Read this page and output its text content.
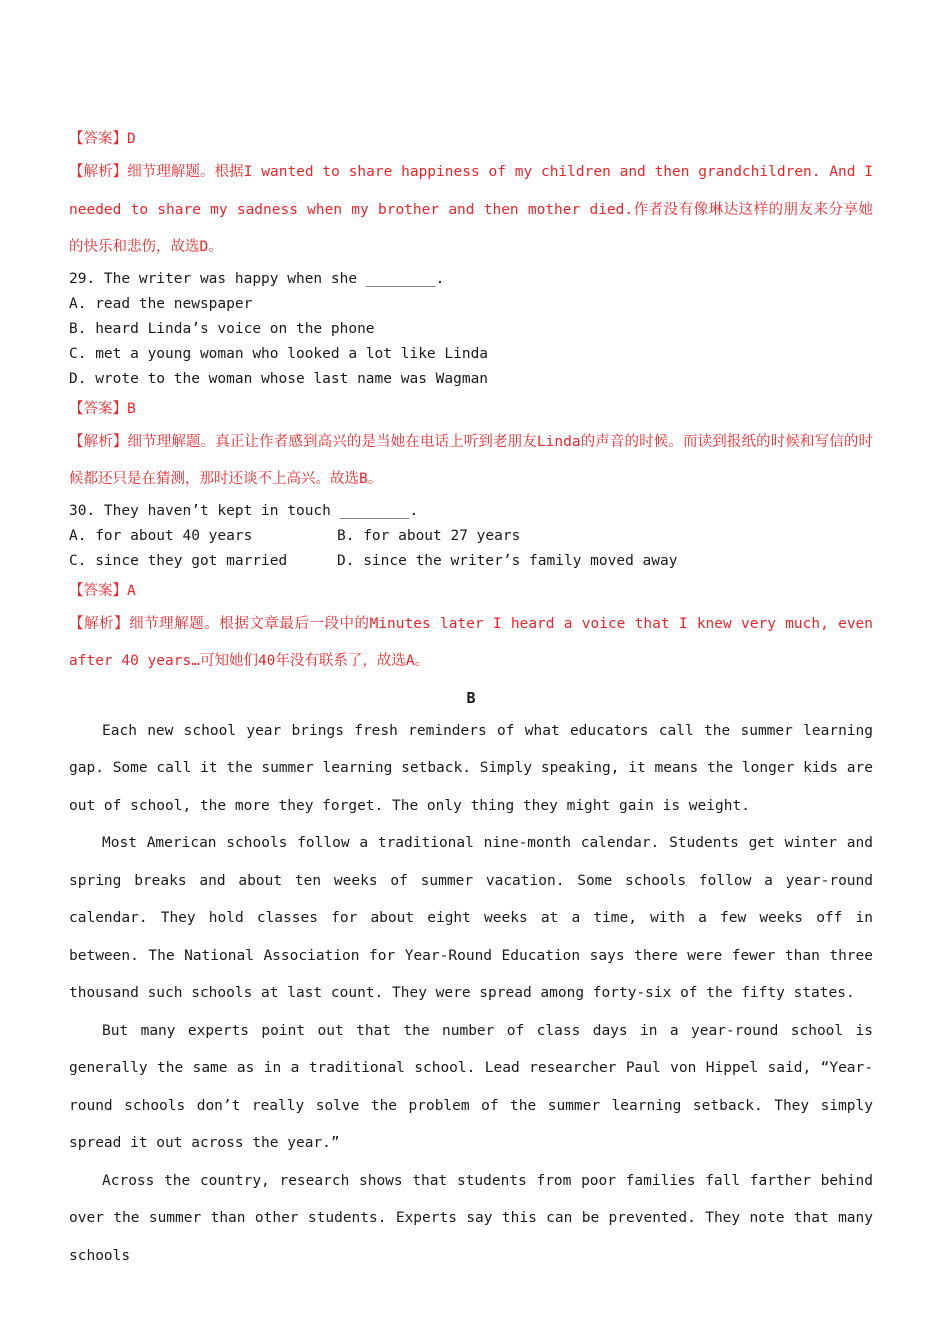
【答案】D
【解析】细节理解题。根据I wanted to share happiness of my children and then grandchildren. And I needed to share my sadness when my brother and then mother died.作者没有像琳达这样的朋友来分享她的快乐和悲伤，故选D。
29. The writer was happy when she ________.
A. read the newspaper
B. heard Linda’s voice on the phone
C. met a young woman who looked a lot like Linda
D. wrote to the woman whose last name was Wagman
【答案】B
【解析】细节理解题。真正让作者感到高兴的是当她在电话上听到老朋友Linda的声音的时候。而读到报纸的时候和写信的时候都还只是在猜测，那时还谈不上高兴。故选B。
30. They haven’t kept in touch ________.
A. for about 40 years	B. for about 27 years
C. since they got married	D. since the writer’s family moved away
【答案】A
【解析】细节理解题。根据文章最后一段中的Minutes later I heard a voice that I knew very much, even after 40 years…可知她们40年没有联系了，故选A。
B

Each new school year brings fresh reminders of what educators call the summer learning gap. Some call it the summer learning setback. Simply speaking, it means the longer kids are out of school, the more they forget. The only thing they might gain is weight.

Most American schools follow a traditional nine-month calendar. Students get winter and spring breaks and about ten weeks of summer vacation. Some schools follow a year-round calendar. They hold classes for about eight weeks at a time, with a few weeks off in between. The National Association for Year-Round Education says there were fewer than three thousand such schools at last count. They were spread among forty-six of the fifty states.

But many experts point out that the number of class days in a year-round school is generally the same as in a traditional school. Lead researcher Paul von Hippel said, “Year-round schools don’t really solve the problem of the summer learning setback. They simply spread it out across the year.”

Across the country, research shows that students from poor families fall farther behind over the summer than other students. Experts say this can be prevented. They note that many schools
